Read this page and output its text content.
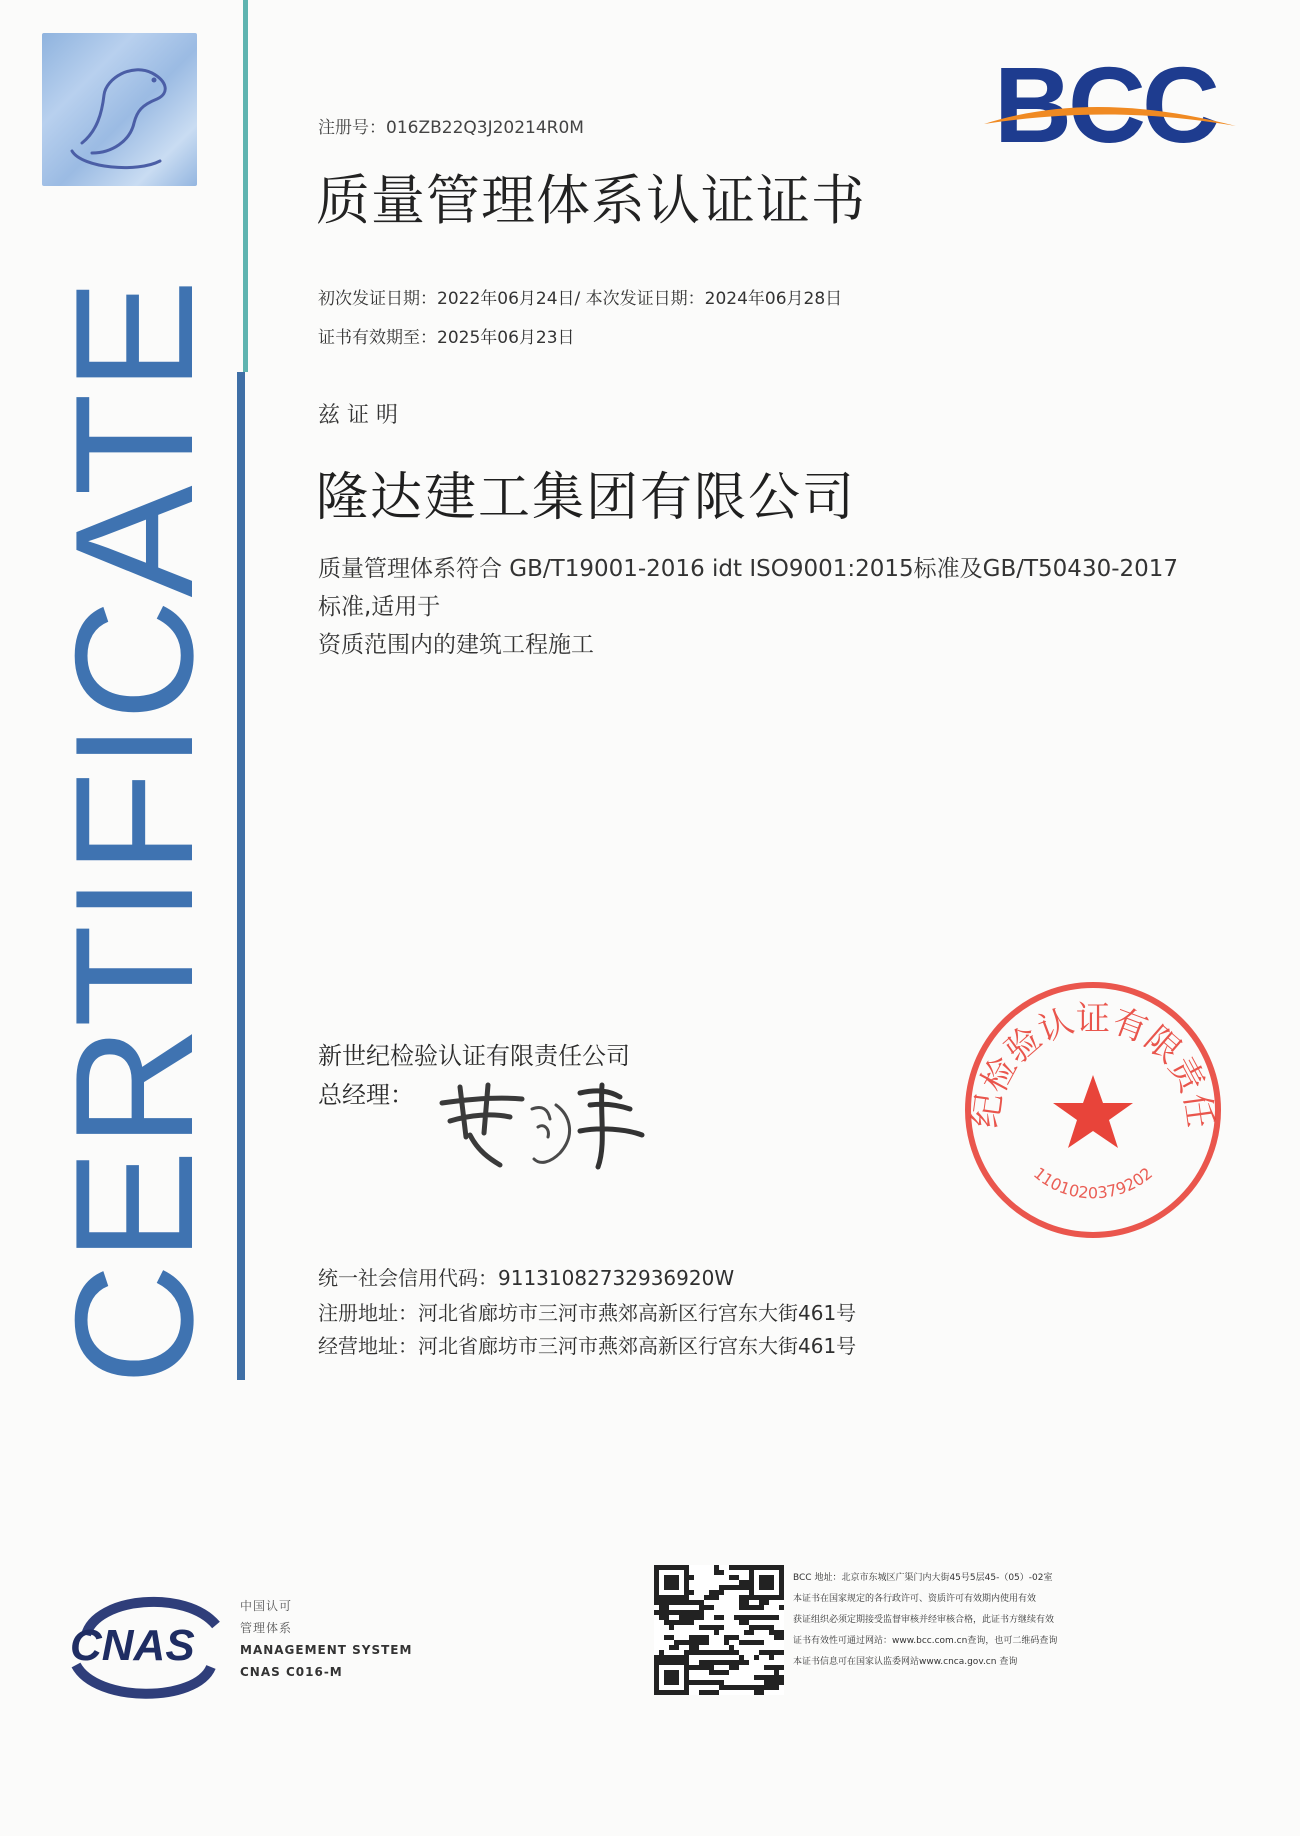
CERTIFICATE
BCC
注册号：016ZB22Q3J20214R0M
质量管理体系认证证书
初次发证日期：2022年06月24日/ 本次发证日期：2024年06月28日
证书有效期至：2025年06月23日
兹证明
隆达建工集团有限公司
质量管理体系符合 GB/T19001-2016 idt ISO9001:2015标准及GB/T50430-2017
标准,适用于
资质范围内的建筑工程施工
新世纪检验认证有限责任公司
总经理：	纪检验认证有限责任
1101020379202
统一社会信用代码：91131082732936920W
注册地址：河北省廊坊市三河市燕郊高新区行宫东大街461号
经营地址：河北省廊坊市三河市燕郊高新区行宫东大街461号
CNAS
中国认可
管理体系
MANAGEMENT SYSTEM
CNAS C016-M
BCC 地址：北京市东城区广渠门内大街45号5层45-（05）-02室
本证书在国家规定的各行政许可、资质许可有效期内使用有效
获证组织必须定期接受监督审核并经审核合格，此证书方继续有效
证书有效性可通过网站：www.bcc.com.cn查询，也可二维码查询
本证书信息可在国家认监委网站www.cnca.gov.cn 查询
